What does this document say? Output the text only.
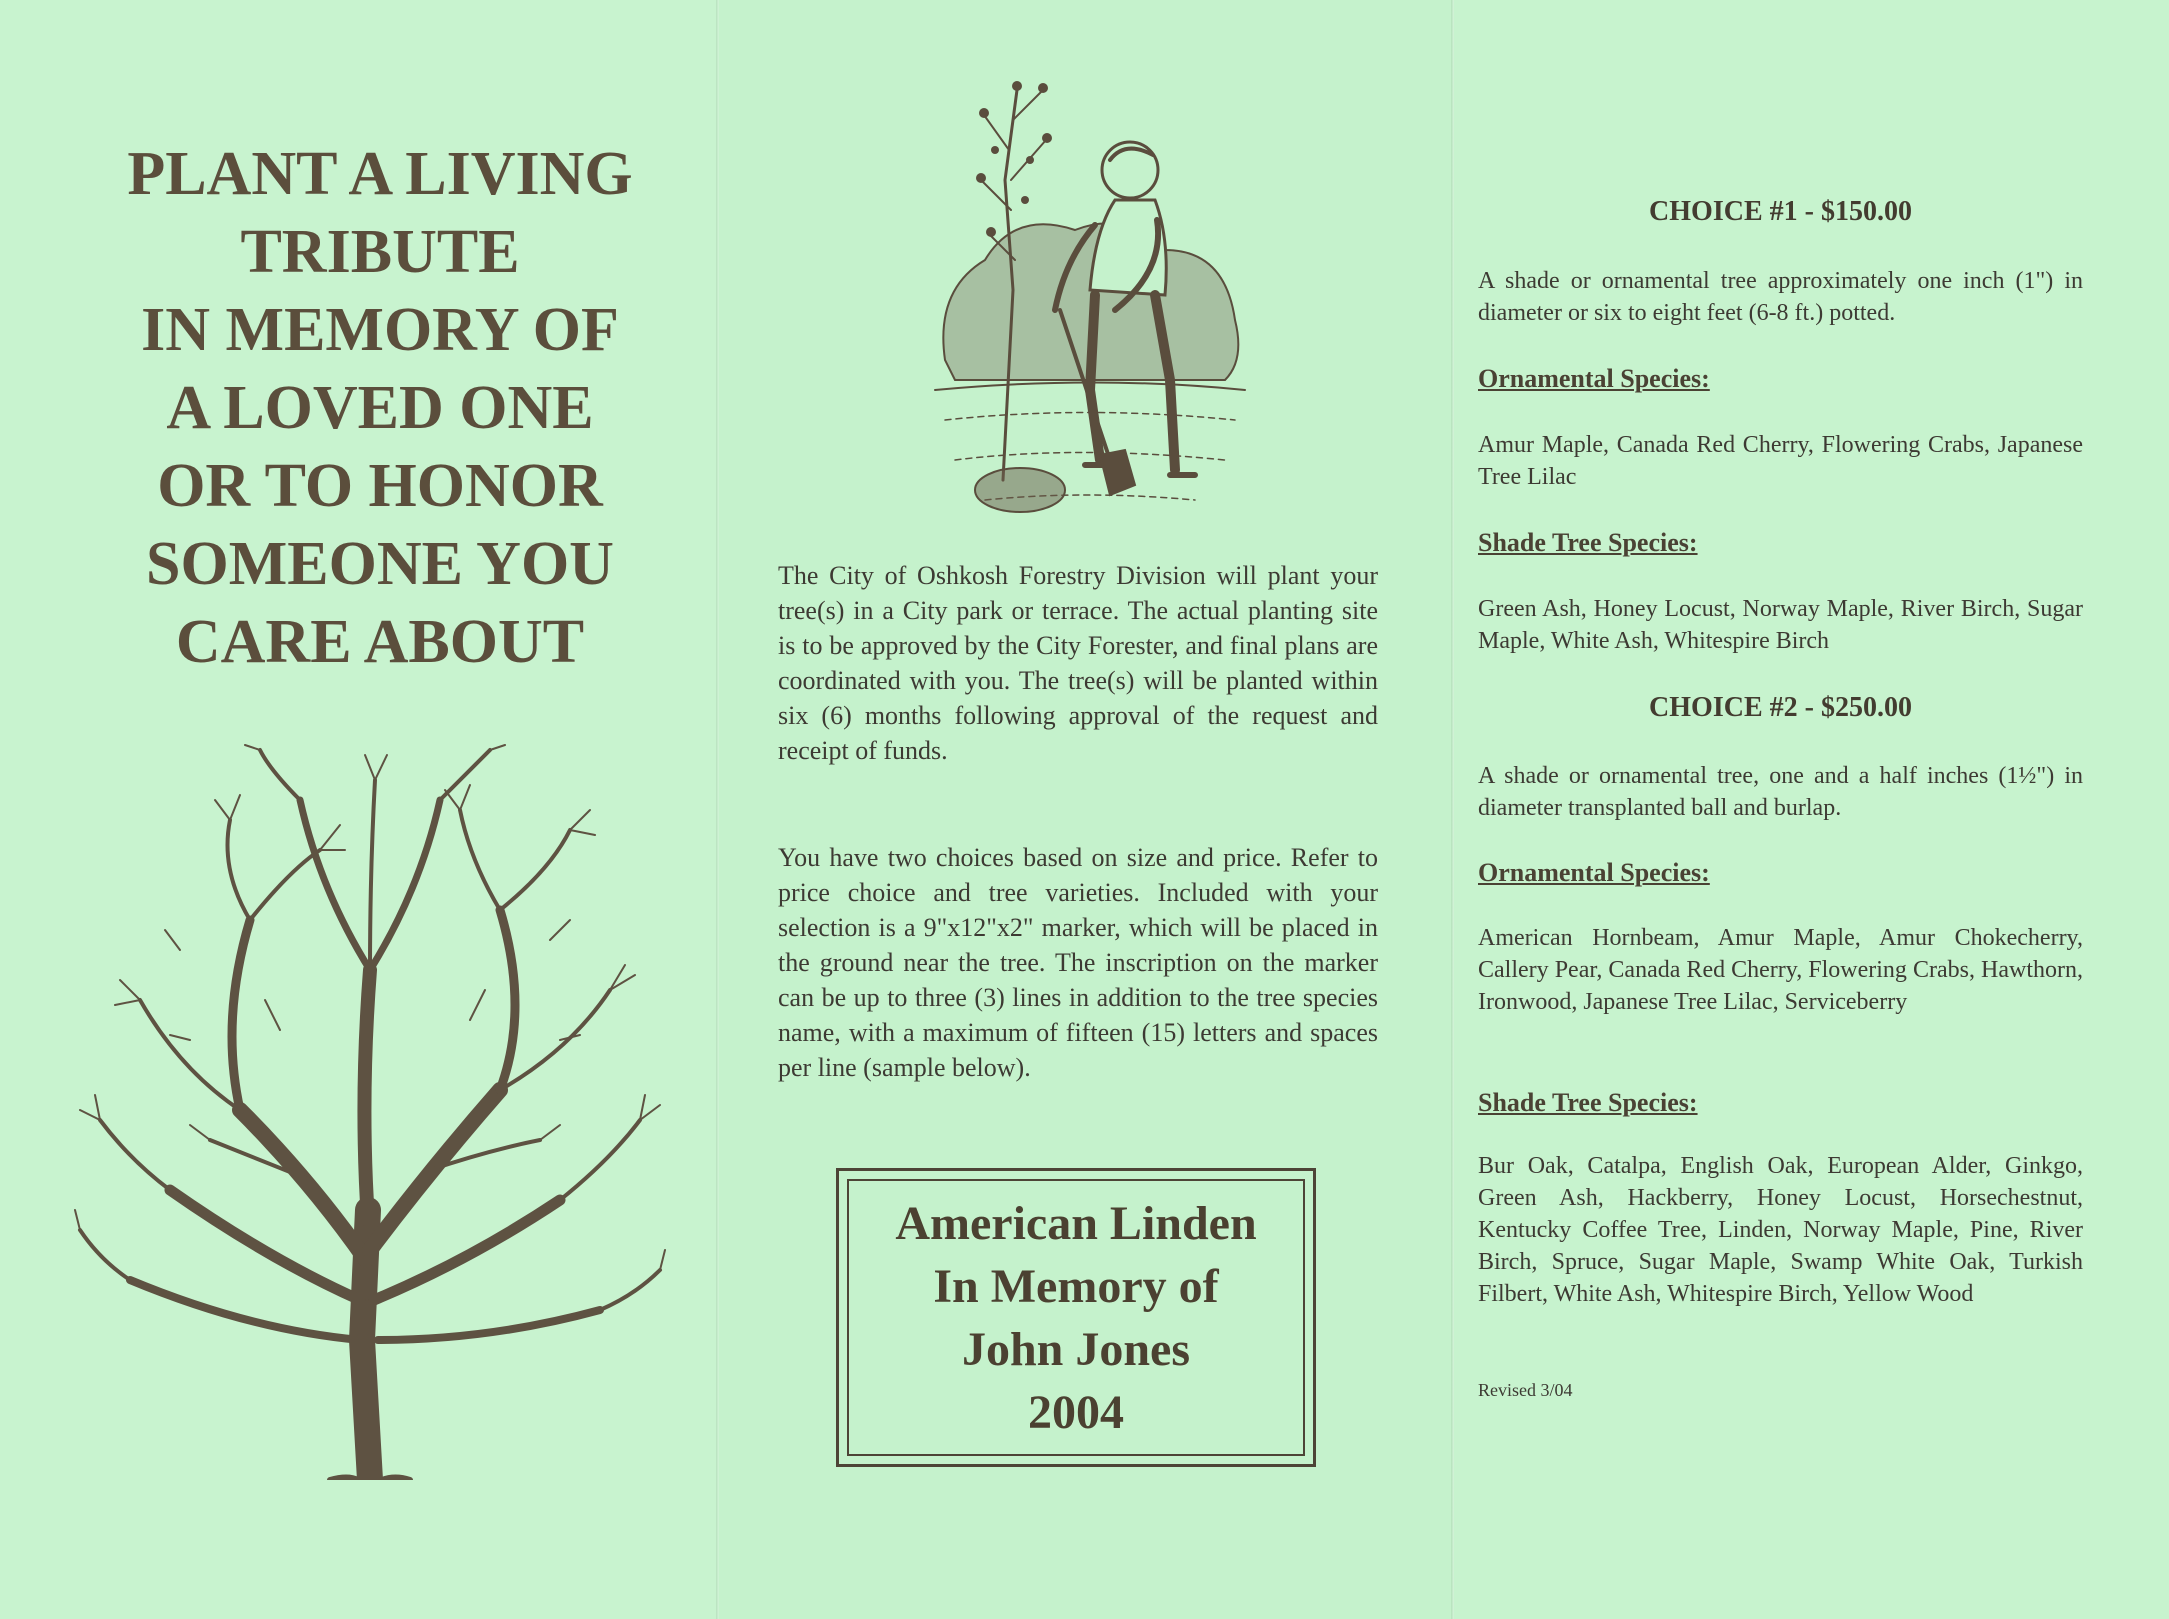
PLANT A LIVING
TRIBUTE
IN MEMORY OF
A LOVED ONE
OR TO HONOR
SOMEONE YOU
CARE ABOUT
The City of Oshkosh Forestry Division will plant your tree(s) in a City park or terrace. The actual planting site is to be approved by the City Forester, and final plans are coordinated with you. The tree(s) will be planted within six (6) months following approval of the request and receipt of funds.
You have two choices based on size and price. Refer to price choice and tree varieties. Included with your selection is a 9"x12"x2" marker, which will be placed in the ground near the tree. The inscription on the marker can be up to three (3) lines in addition to the tree species name, with a maximum of fifteen (15) letters and spaces per line (sample below).
American Linden
In Memory of
John Jones
2004
CHOICE #1 - $150.00
A shade or ornamental tree approximately one inch (1") in diameter or six to eight feet (6-8 ft.) potted.
Ornamental Species:
Amur Maple, Canada Red Cherry, Flowering Crabs, Japanese Tree Lilac
Shade Tree Species:
Green Ash, Honey Locust, Norway Maple, River Birch, Sugar Maple, White Ash, Whitespire Birch
CHOICE #2 - $250.00
A shade or ornamental tree, one and a half inches (1½") in diameter transplanted ball and burlap.
Ornamental Species:
American Hornbeam, Amur Maple, Amur Chokecherry, Callery Pear, Canada Red Cherry, Flowering Crabs, Hawthorn, Ironwood, Japanese Tree Lilac, Serviceberry
Shade Tree Species:
Bur Oak, Catalpa, English Oak, European Alder, Ginkgo, Green Ash, Hackberry, Honey Locust, Horsechestnut, Kentucky Coffee Tree, Linden, Norway Maple, Pine, River Birch, Spruce, Sugar Maple, Swamp White Oak, Turkish Filbert, White Ash, Whitespire Birch, Yellow Wood
Revised 3/04
